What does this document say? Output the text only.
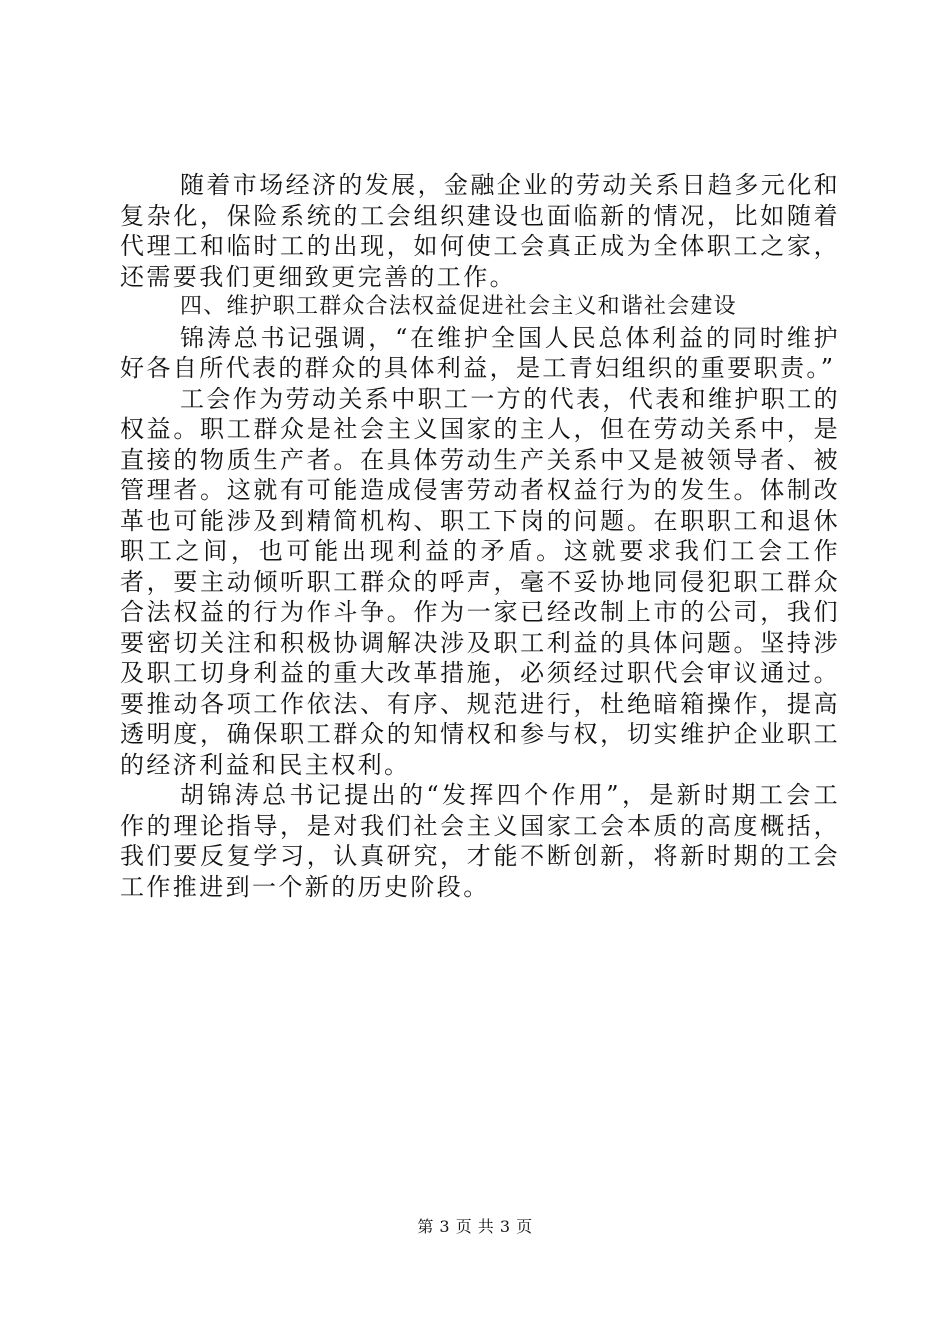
随着市场经济的发展，金融企业的劳动关系日趋多元化和复杂化，保险系统的工会组织建设也面临新的情况，比如随着代理工和临时工的出现，如何使工会真正成为全体职工之家，还需要我们更细致更完善的工作。

四、维护职工群众合法权益促进社会主义和谐社会建设

锦涛总书记强调，“在维护全国人民总体利益的同时维护好各自所代表的群众的具体利益，是工青妇组织的重要职责。”

工会作为劳动关系中职工一方的代表，代表和维护职工的权益。职工群众是社会主义国家的主人，但在劳动关系中，是直接的物质生产者。在具体劳动生产关系中又是被领导者、被管理者。这就有可能造成侵害劳动者权益行为的发生。体制改革也可能涉及到精简机构、职工下岗的问题。在职职工和退休职工之间，也可能出现利益的矛盾。这就要求我们工会工作者，要主动倾听职工群众的呼声，毫不妥协地同侵犯职工群众合法权益的行为作斗争。作为一家已经改制上市的公司，我们要密切关注和积极协调解决涉及职工利益的具体问题。坚持涉及职工切身利益的重大改革措施，必须经过职代会审议通过。要推动各项工作依法、有序、规范进行，杜绝暗箱操作，提高透明度，确保职工群众的知情权和参与权，切实维护企业职工的经济利益和民主权利。

胡锦涛总书记提出的“发挥四个作用”，是新时期工会工作的理论指导，是对我们社会主义国家工会本质的高度概括，我们要反复学习，认真研究，才能不断创新，将新时期的工会工作推进到一个新的历史阶段。

第 3 页 共 3 页
